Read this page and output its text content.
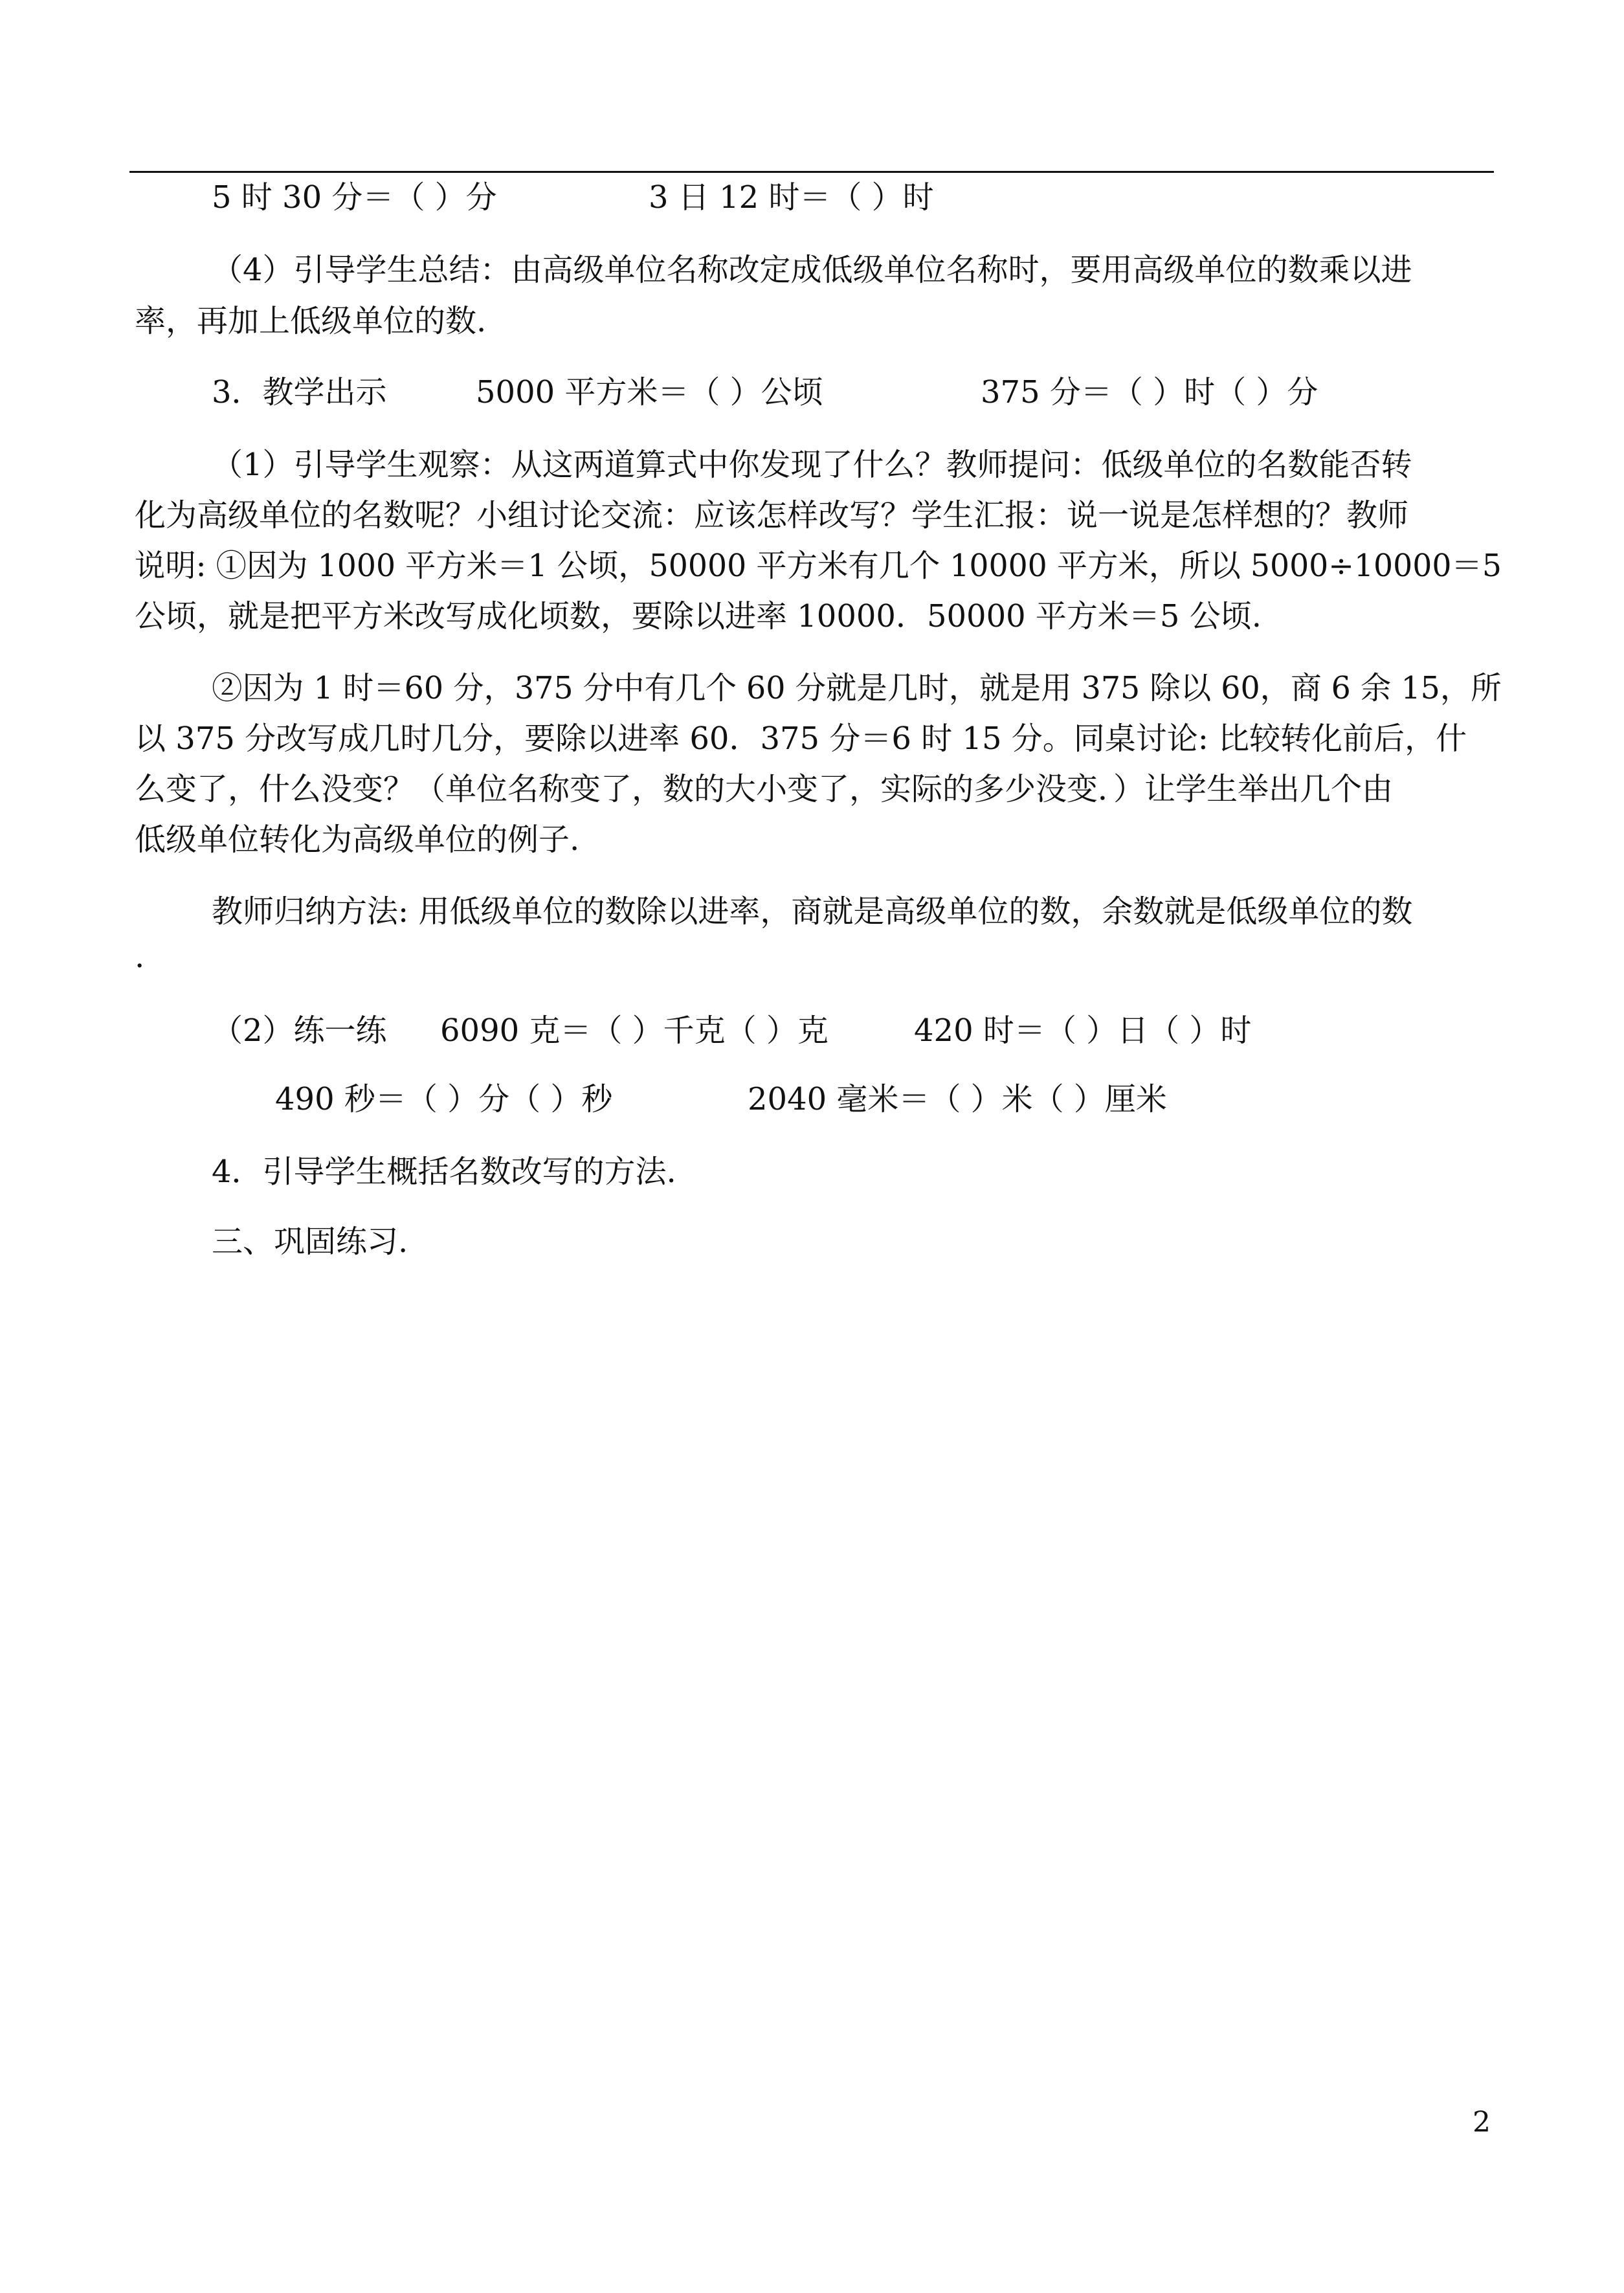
5 时 30 分＝（ ）分	3 日 12 时＝（ ）时
（4）引导学生总结：由高级单位名称改定成低级单位名称时，要用高级单位的数乘以进
率，再加上低级单位的数.
3．教学出示	5000 平方米＝（ ）公顷	375 分＝（ ）时（ ）分
（1）引导学生观察：从这两道算式中你发现了什么？教师提问：低级单位的名数能否转
化为高级单位的名数呢？小组讨论交流：应该怎样改写？学生汇报：说一说是怎样想的？教师
说明: ①因为 1000 平方米＝1 公顷，50000 平方米有几个 10000 平方米，所以 5000÷10000＝5
公顷，就是把平方米改写成化顷数，要除以进率 10000．50000 平方米＝5 公顷.
②因为 1 时＝60 分，375 分中有几个 60 分就是几时，就是用 375 除以 60，商 6 余 15，所
以 375 分改写成几时几分，要除以进率 60．375 分＝6 时 15 分。同桌讨论: 比较转化前后，什
么变了，什么没变？（单位名称变了，数的大小变了，实际的多少没变．）让学生举出几个由
低级单位转化为高级单位的例子.
教师归纳方法: 用低级单位的数除以进率，商就是高级单位的数，余数就是低级单位的数
.
（2）练一练 6090 克＝（ ）千克（ ）克	420 时＝（ ）日（ ）时
490 秒＝（ ）分（ ）秒	2040 毫米＝（ ）米（ ）厘米
4．引导学生概括名数改写的方法.
三、巩固练习.
2
